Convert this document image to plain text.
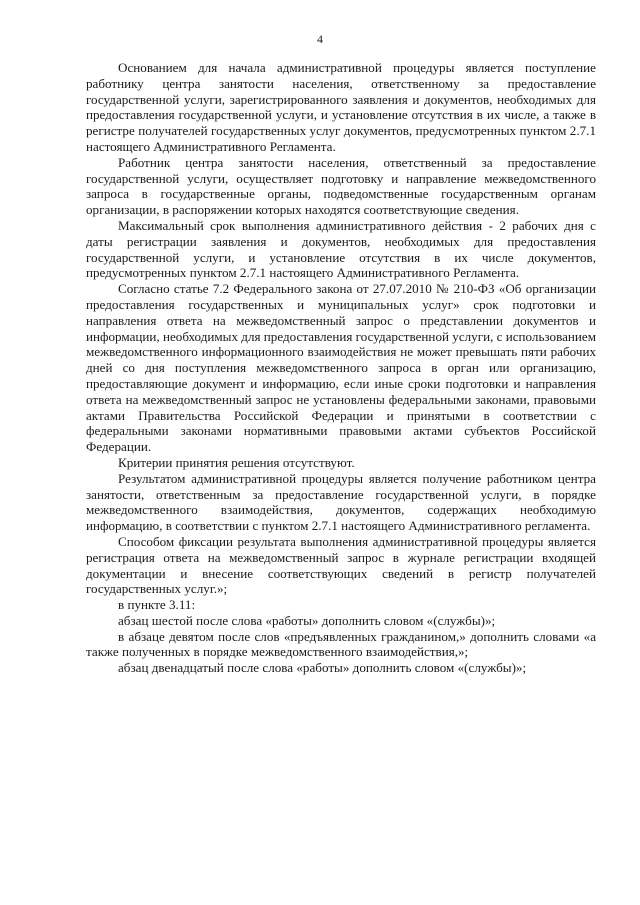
4

Основанием для начала административной процедуры является поступление работнику центра занятости населения, ответственному за предоставление государственной услуги, зарегистрированного заявления и документов, необходимых для предоставления государственной услуги, и установление отсутствия в их числе, а также в регистре получателей государственных услуг документов, предусмотренных пунктом 2.7.1 настоящего Административного Регламента.

Работник центра занятости населения, ответственный за предоставление государственной услуги, осуществляет подготовку и направление межведомственного запроса в государственные органы, подведомственные государственным органам организации, в распоряжении которых находятся соответствующие сведения.

Максимальный срок выполнения административного действия - 2 рабочих дня с даты регистрации заявления и документов, необходимых для предоставления государственной услуги, и установление отсутствия в их числе документов, предусмотренных пунктом 2.7.1 настоящего Административного Регламента.

Согласно статье 7.2 Федерального закона от 27.07.2010 № 210-ФЗ «Об организации предоставления государственных и муниципальных услуг» срок подготовки и направления ответа на межведомственный запрос о представлении документов и информации, необходимых для предоставления государственной услуги, с использованием межведомственного информационного взаимодействия не может превышать пяти рабочих дней со дня поступления межведомственного запроса в орган или организацию, предоставляющие документ и информацию, если иные сроки подготовки и направления ответа на межведомственный запрос не установлены федеральными законами, правовыми актами Правительства Российской Федерации и принятыми в соответствии с федеральными законами нормативными правовыми актами субъектов Российской Федерации.

Критерии принятия решения отсутствуют.

Результатом административной процедуры является получение работником центра занятости, ответственным за предоставление государственной услуги, в порядке межведомственного взаимодействия, документов, содержащих необходимую информацию, в соответствии с пунктом 2.7.1 настоящего Административного регламента.

Способом фиксации результата выполнения административной процедуры является регистрация ответа на межведомственный запрос в журнале регистрации входящей документации и внесение соответствующих сведений в регистр получателей государственных услуг.»;

в пункте 3.11:

абзац шестой после слова «работы» дополнить словом «(службы)»;

в абзаце девятом после слов «предъявленных гражданином,» дополнить словами «а также полученных в порядке межведомственного взаимодействия,»;

абзац двенадцатый после слова «работы» дополнить словом «(службы)»;
